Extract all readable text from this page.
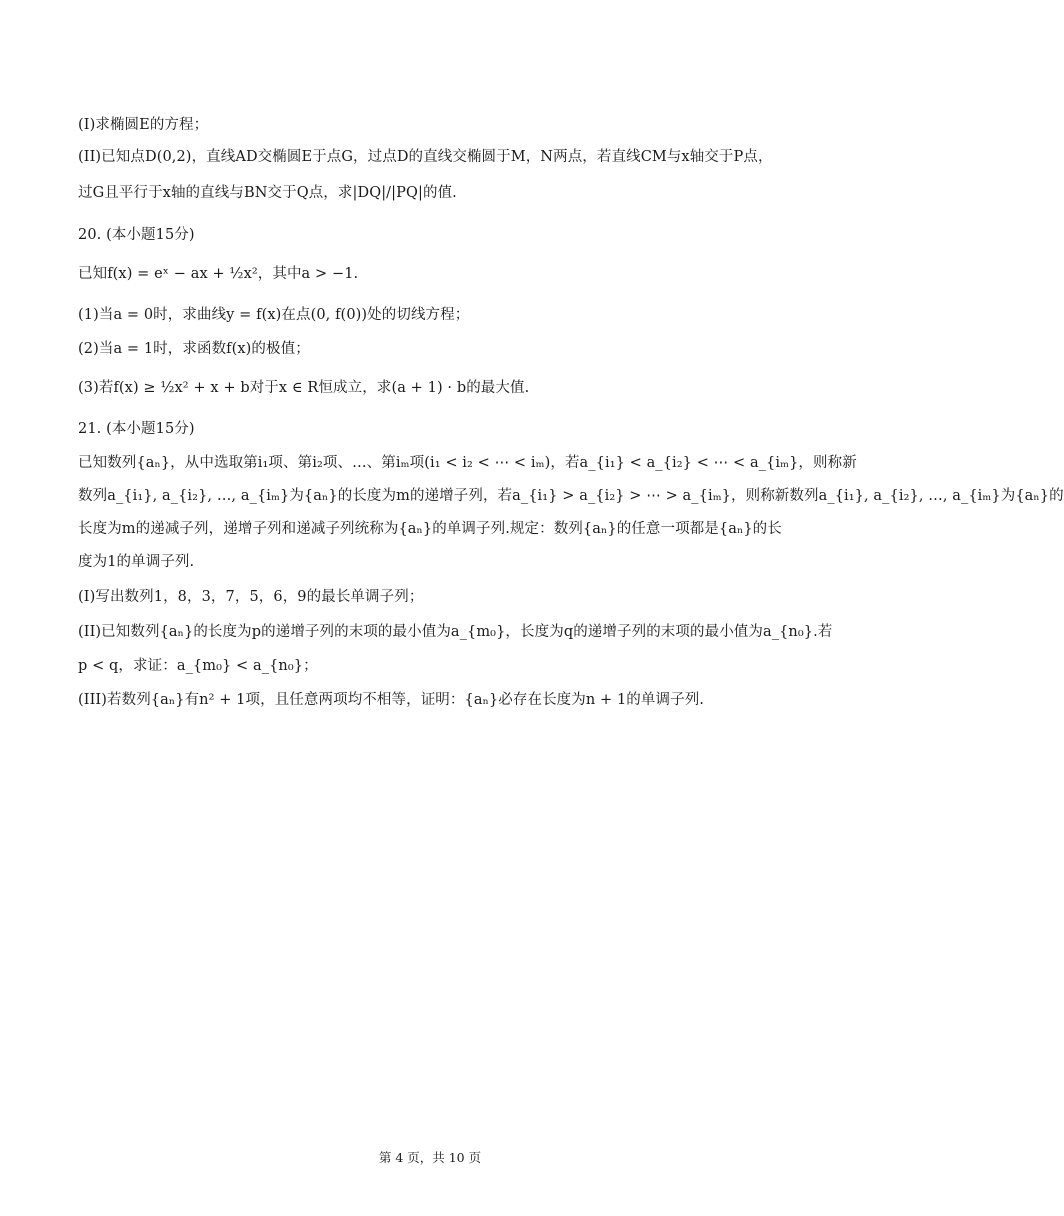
(I)求椭圆E的方程；
(II)已知点D(0,2)，直线AD交椭圆E于点G，过点D的直线交椭圆于M，N两点，若直线CM与x轴交于P点，
过G且平行于x轴的直线与BN交于Q点，求|DQ|/|PQ|的值.
20. (本小题15分)
已知f(x) = eˣ − ax + ½x²，其中a > −1.
(1)当a = 0时，求曲线y = f(x)在点(0, f(0))处的切线方程；
(2)当a = 1时，求函数f(x)的极值；
(3)若f(x) ≥ ½x² + x + b对于x ∈ R恒成立，求(a + 1) · b的最大值.
21. (本小题15分)
已知数列{aₙ}，从中选取第i₁项、第i₂项、…、第iₘ项(i₁ < i₂ < ⋯ < iₘ)，若a_{i₁} < a_{i₂} < ⋯ < a_{iₘ}，则称新
数列a_{i₁}, a_{i₂}, …, a_{iₘ}为{aₙ}的长度为m的递增子列，若a_{i₁} > a_{i₂} > ⋯ > a_{iₘ}，则称新数列a_{i₁}, a_{i₂}, …, a_{iₘ}为{aₙ}的
长度为m的递减子列，递增子列和递减子列统称为{aₙ}的单调子列.规定：数列{aₙ}的任意一项都是{aₙ}的长
度为1的单调子列.
(I)写出数列1，8，3，7，5，6，9的最长单调子列；
(II)已知数列{aₙ}的长度为p的递增子列的末项的最小值为a_{m₀}，长度为q的递增子列的末项的最小值为a_{n₀}.若
p < q，求证：a_{m₀} < a_{n₀}；
(III)若数列{aₙ}有n² + 1项，且任意两项均不相等，证明：{aₙ}必存在长度为n + 1的单调子列.
第 4 页，共 10 页
